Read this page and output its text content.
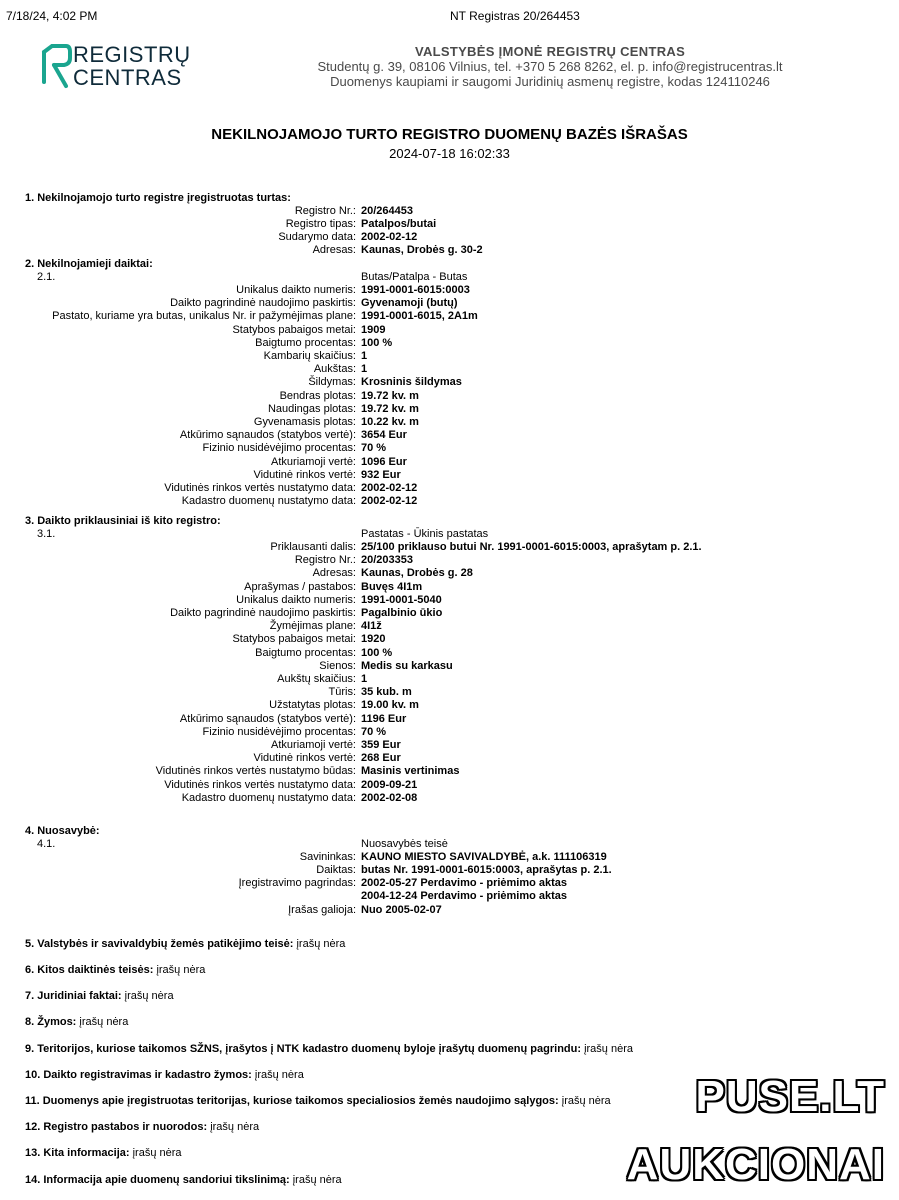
7/18/24, 4:02 PM	NT Registras 20/264453
REGISTRŲ
CENTRAS
VALSTYBĖS ĮMONĖ REGISTRŲ CENTRAS
Studentų g. 39, 08106 Vilnius, tel. +370 5 268 8262, el. p. info@registrucentras.lt
Duomenys kaupiami ir saugomi Juridinių asmenų registre, kodas 124110246
NEKILNOJAMOJO TURTO REGISTRO DUOMENŲ BAZĖS IŠRAŠAS
2024-07-18 16:02:33
1. Nekilnojamojo turto registre įregistruotas turtas:
Registro Nr.: 20/264453
Registro tipas: Patalpos/butai
Sudarymo data: 2002-02-12
Adresas: Kaunas, Drobės g. 30-2
2. Nekilnojamieji daiktai:
2.1.	Butas/Patalpa - Butas
Unikalus daikto numeris: 1991-0001-6015:0003
Daikto pagrindinė naudojimo paskirtis: Gyvenamoji (butų)
Pastato, kuriame yra butas, unikalus Nr. ir pažymėjimas plane: 1991-0001-6015, 2A1m
Statybos pabaigos metai: 1909
Baigtumo procentas: 100 %
Kambarių skaičius: 1
Aukštas: 1
Šildymas: Krosninis šildymas
Bendras plotas: 19.72 kv. m
Naudingas plotas: 19.72 kv. m
Gyvenamasis plotas: 10.22 kv. m
Atkūrimo sąnaudos (statybos vertė): 3654 Eur
Fizinio nusidėvėjimo procentas: 70 %
Atkuriamoji vertė: 1096 Eur
Vidutinė rinkos vertė: 932 Eur
Vidutinės rinkos vertės nustatymo data: 2002-02-12
Kadastro duomenų nustatymo data: 2002-02-12
3. Daikto priklausiniai iš kito registro:
3.1.	Pastatas - Ūkinis pastatas
Priklausanti dalis: 25/100 priklauso butui Nr. 1991-0001-6015:0003, aprašytam p. 2.1.
Registro Nr.: 20/203353
Adresas: Kaunas, Drobės g. 28
Aprašymas / pastabos: Buvęs 4I1m
Unikalus daikto numeris: 1991-0001-5040
Daikto pagrindinė naudojimo paskirtis: Pagalbinio ūkio
Žymėjimas plane: 4I1ž
Statybos pabaigos metai: 1920
Baigtumo procentas: 100 %
Sienos: Medis su karkasu
Aukštų skaičius: 1
Tūris: 35 kub. m
Užstatytas plotas: 19.00 kv. m
Atkūrimo sąnaudos (statybos vertė): 1196 Eur
Fizinio nusidėvėjimo procentas: 70 %
Atkuriamoji vertė: 359 Eur
Vidutinė rinkos vertė: 268 Eur
Vidutinės rinkos vertės nustatymo būdas: Masinis vertinimas
Vidutinės rinkos vertės nustatymo data: 2009-09-21
Kadastro duomenų nustatymo data: 2002-02-08
4. Nuosavybė:
4.1.	Nuosavybės teisė
Savininkas: KAUNO MIESTO SAVIVALDYBĖ, a.k. 111106319
Daiktas: butas Nr. 1991-0001-6015:0003, aprašytas p. 2.1.
Įregistravimo pagrindas: 2002-05-27 Perdavimo - priėmimo aktas
2004-12-24 Perdavimo - priėmimo aktas
Įrašas galioja: Nuo 2005-02-07
5. Valstybės ir savivaldybių žemės patikėjimo teisė: įrašų nėra
6. Kitos daiktinės teisės: įrašų nėra
7. Juridiniai faktai: įrašų nėra
8. Žymos: įrašų nėra
9. Teritorijos, kuriose taikomos SŽNS, įrašytos į NTK kadastro duomenų byloje įrašytų duomenų pagrindu: įrašų nėra
10. Daikto registravimas ir kadastro žymos: įrašų nėra
11. Duomenys apie įregistruotas teritorijas, kuriose taikomos specialiosios žemės naudojimo sąlygos: įrašų nėra
12. Registro pastabos ir nuorodos: įrašų nėra
13. Kita informacija: įrašų nėra
14. Informacija apie duomenų sandoriui tikslinimą: įrašų nėra
PUSE.LT
AUKCIONAI
